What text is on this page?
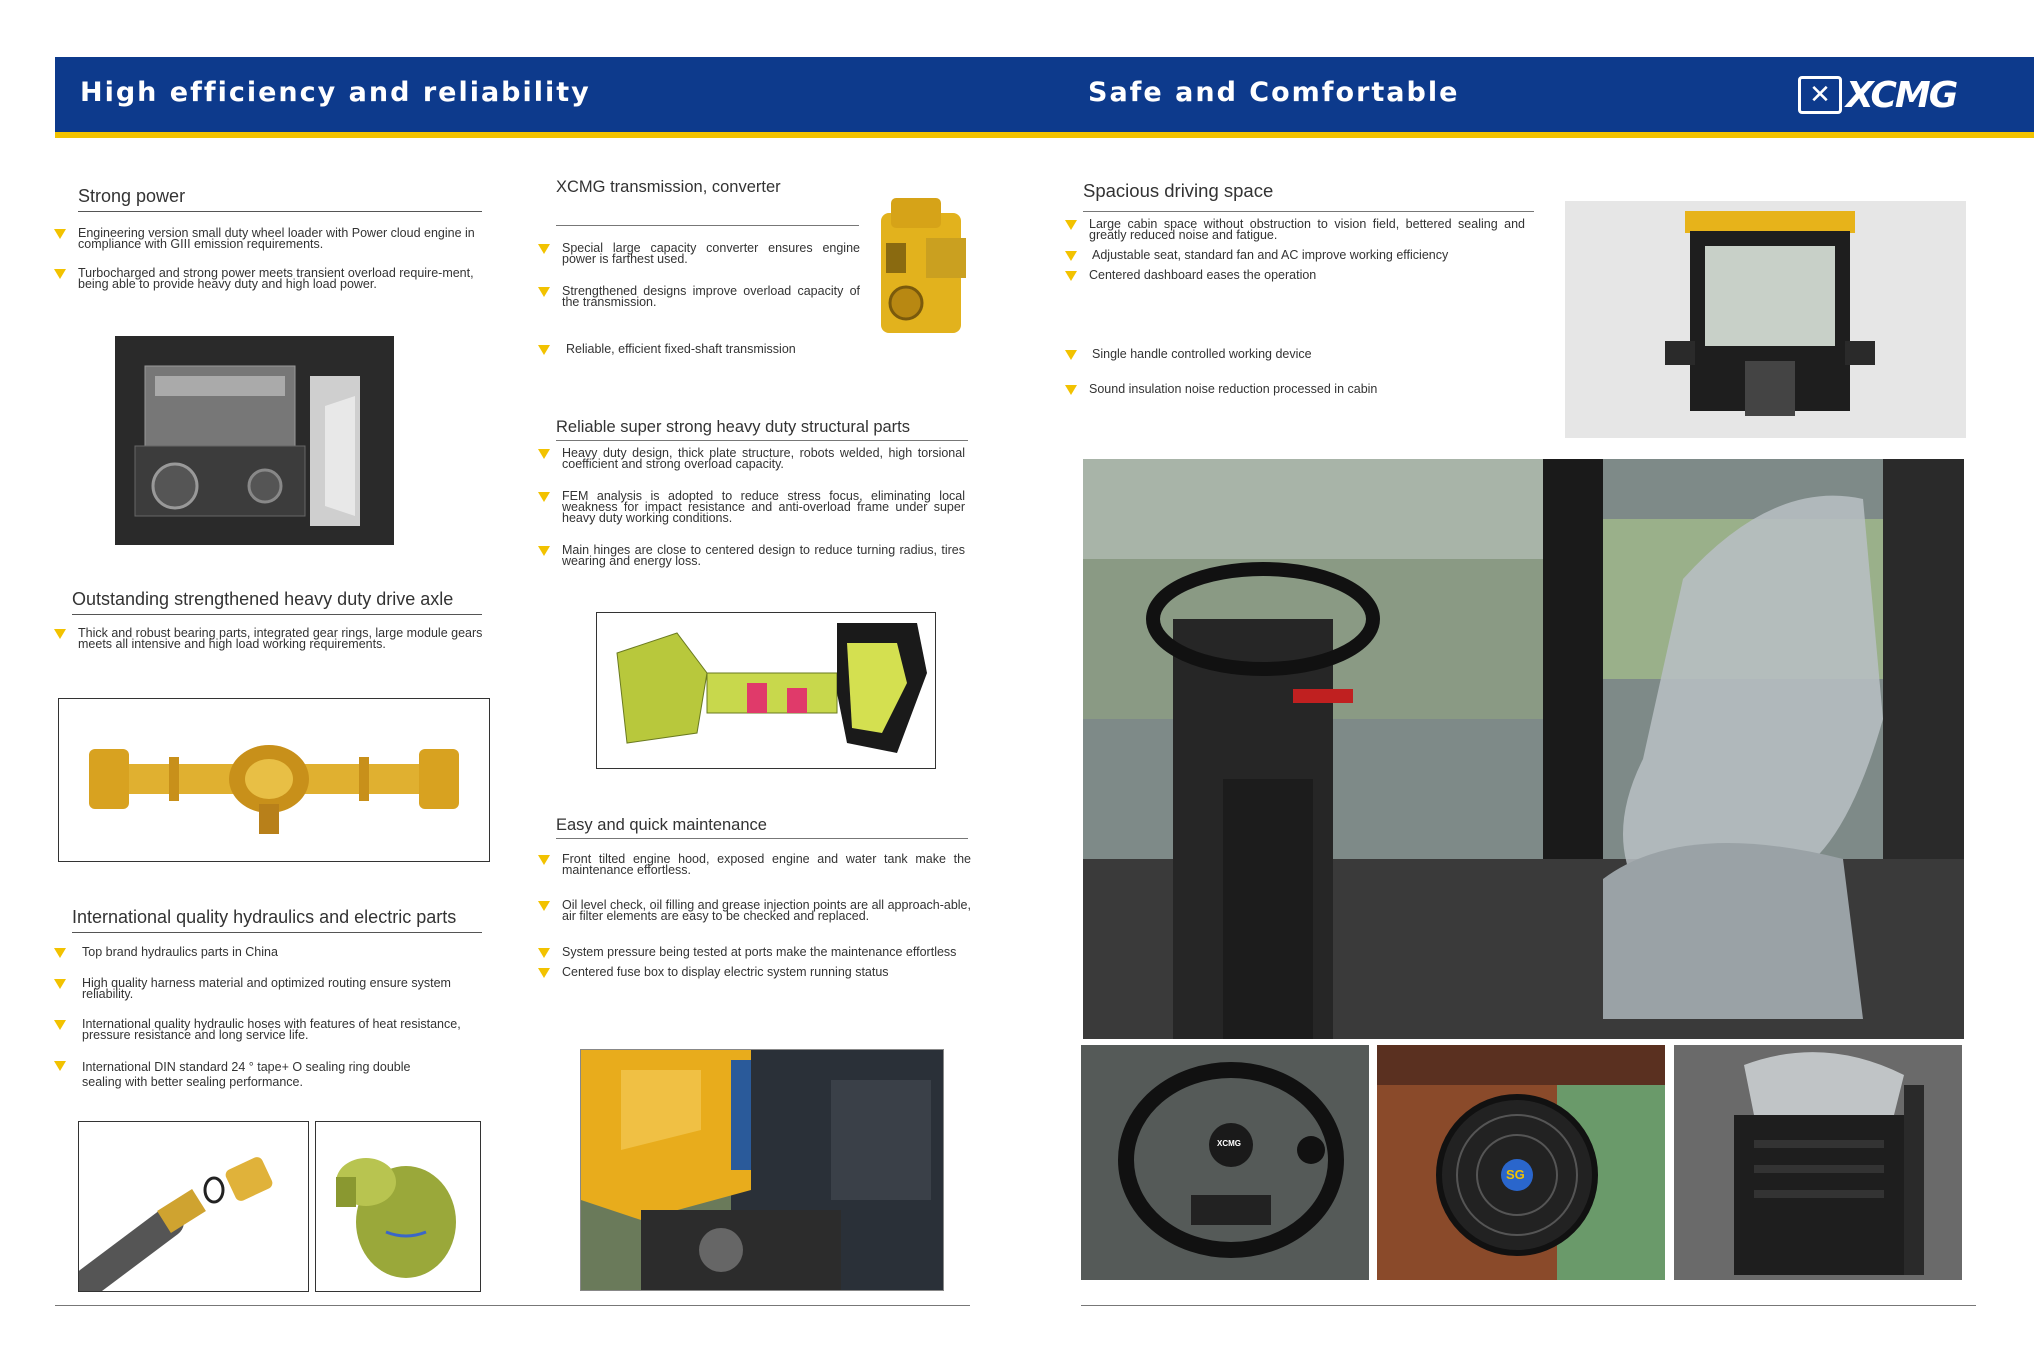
High efficiency and reliability	Safe and Comfortable	✕ XCMG
Strong power
Engineering version small duty wheel loader with Power cloud engine in compliance with GIII emission requirements.
Turbocharged and strong power meets transient overload require-ment, being able to provide heavy duty and high load power.
Outstanding strengthened heavy duty drive axle
Thick and robust bearing parts, integrated gear rings, large module gears meets all intensive and high load working requirements.
International quality hydraulics and electric parts
Top brand hydraulics parts in China
High quality harness material and optimized routing ensure system reliability.
International quality hydraulic hoses with features of heat resistance, pressure resistance and long service life.
International DIN standard 24 ° tape+ O sealing ring double sealing with better sealing performance.
XCMG transmission, converter
Special large capacity converter ensures engine power is farthest used.
Strengthened designs improve overload capacity of the transmission.
Reliable, efficient fixed-shaft transmission
Reliable super strong heavy duty structural parts
Heavy duty design, thick plate structure, robots welded, high torsional coefficient and strong overload capacity.
FEM analysis is adopted to reduce stress focus, eliminating local weakness for impact resistance and anti-overload frame under super heavy duty working conditions.
Main hinges are close to centered design to reduce turning radius, tires wearing and energy loss.
Easy and quick maintenance
Front tilted engine hood, exposed engine and water tank make the maintenance effortless.
Oil level check, oil filling and grease injection points are all approach-able, air filter elements are easy to be checked and replaced.
System pressure being tested at ports make the maintenance effortless
Centered fuse box to display electric system running status
Spacious driving space
Large cabin space without obstruction to vision field, bettered sealing and greatly reduced noise and fatigue.
Adjustable seat, standard fan and AC improve working efficiency
Centered dashboard eases the operation
Single handle controlled working device
Sound insulation noise reduction processed in cabin
XCMG
SG
